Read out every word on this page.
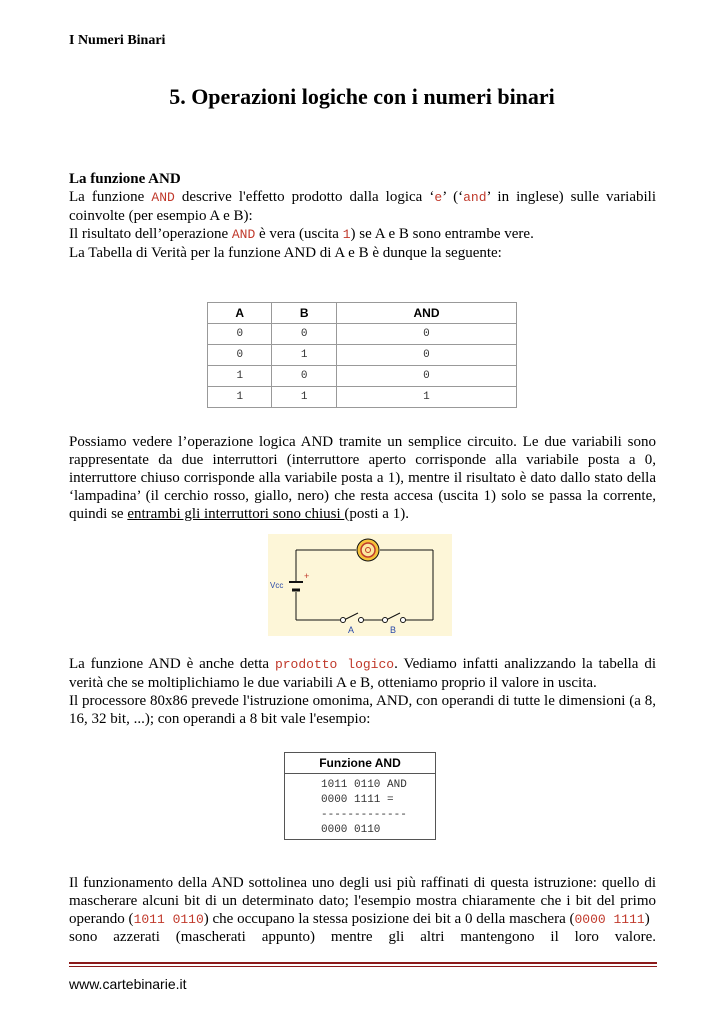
I Numeri Binari
5. Operazioni logiche con i numeri binari
La funzione AND
La funzione AND descrive l'effetto prodotto dalla logica ‘e’ (‘and’ in inglese) sulle variabili coinvolte (per esempio A e B):
Il risultato dell’operazione AND è vera (uscita 1) se A e B sono entrambe vere.
La Tabella di Verità per la funzione AND di A e B è dunque la seguente:
A	B	AND
0	0	0
0	1	0
1	0	0
1	1	1
Possiamo vedere l’operazione logica AND tramite un semplice circuito. Le due variabili sono rappresentate da due interruttori (interruttore aperto corrisponde alla variabile posta a 0, interruttore chiuso corrisponde alla variabile posta a 1), mentre il risultato è dato dallo stato della ‘lampadina’ (il cerchio rosso, giallo, nero) che resta accesa (uscita 1) solo se passa la corrente, quindi se entrambi gli interruttori sono chiusi (posti a 1).
+
Vcc
A	B
La funzione AND è anche detta prodotto logico. Vediamo infatti analizzando la tabella di verità che se moltiplichiamo le due variabili A e B, otteniamo proprio il valore in uscita.
Il processore 80x86 prevede l'istruzione omonima, AND, con operandi di tutte le dimensioni (a 8, 16, 32 bit, ...); con operandi a 8 bit vale l'esempio:
Funzione AND
1011 0110 AND
0000 1111 =
-------------
0000 0110
Il funzionamento della AND sottolinea uno degli usi più raffinati di questa istruzione: quello di mascherare alcuni bit di un determinato dato; l'esempio mostra chiaramente che i bit del primo operando (1011 0110) che occupano la stessa posizione dei bit a 0 della maschera (0000 1111)
sono azzerati (mascherati appunto) mentre gli altri mantengono il loro valore.
www.cartebinarie.it
